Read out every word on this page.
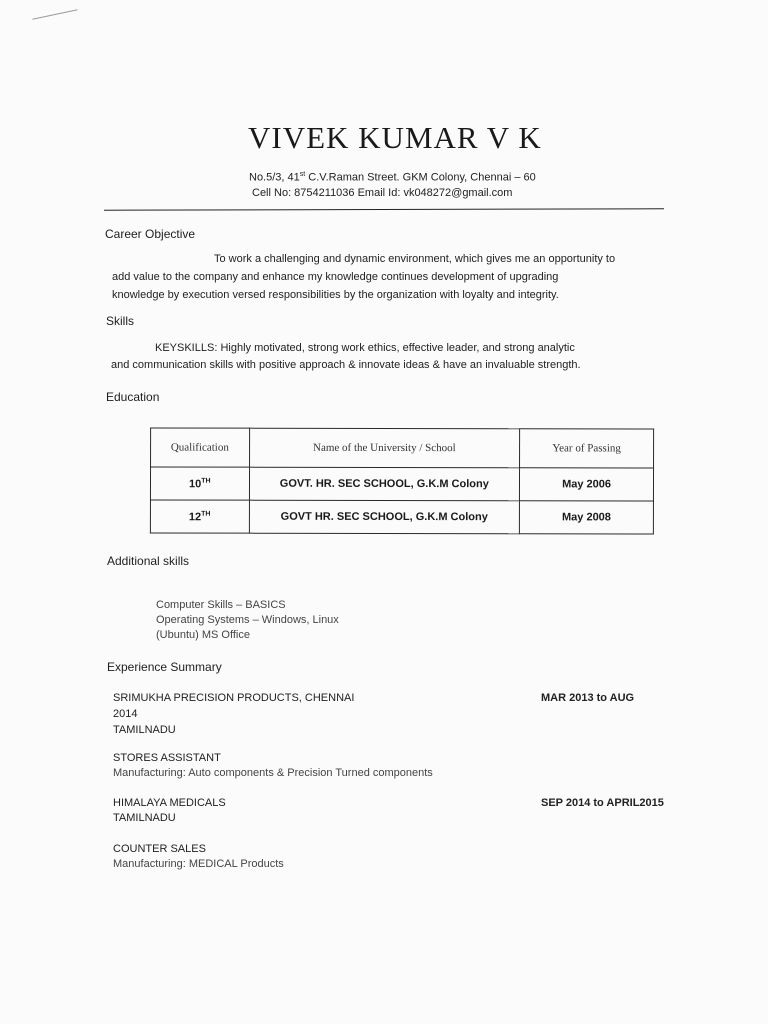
VIVEK KUMAR V K
No.5/3, 41st C.V.Raman Street. GKM Colony, Chennai – 60
Cell No: 8754211036 Email Id: vk048272@gmail.com
Career Objective
To work a challenging and dynamic environment, which gives me an opportunity to
add value to the company and enhance my knowledge continues development of upgrading
knowledge by execution versed responsibilities by the organization with loyalty and integrity.
Skills
KEYSKILLS: Highly motivated, strong work ethics, effective leader, and strong analytic
and communication skills with positive approach & innovate ideas & have an invaluable strength.
Education
Qualification	Name of the University / School	Year of Passing
10TH	GOVT. HR. SEC SCHOOL, G.K.M Colony	May 2006
12TH	GOVT HR. SEC SCHOOL, G.K.M Colony	May 2008
Additional skills
Computer Skills – BASICS
Operating Systems – Windows, Linux
(Ubuntu) MS Office
Experience Summary
SRIMUKHA PRECISION PRODUCTS, CHENNAI	MAR 2013 to AUG
2014
TAMILNADU
STORES ASSISTANT
Manufacturing: Auto components & Precision Turned components
HIMALAYA MEDICALS	SEP 2014 to APRIL2015
TAMILNADU
COUNTER SALES
Manufacturing: MEDICAL Products
